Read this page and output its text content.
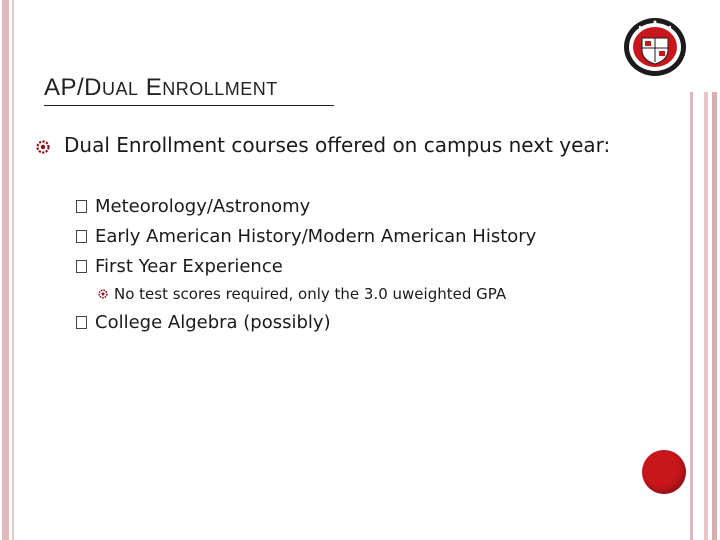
AP/DUAL ENROLLMENT
Dual Enrollment courses offered on campus next year:
Meteorology/Astronomy
Early American History/Modern American History
First Year Experience
No test scores required, only the 3.0 uweighted GPA
College Algebra (possibly)
